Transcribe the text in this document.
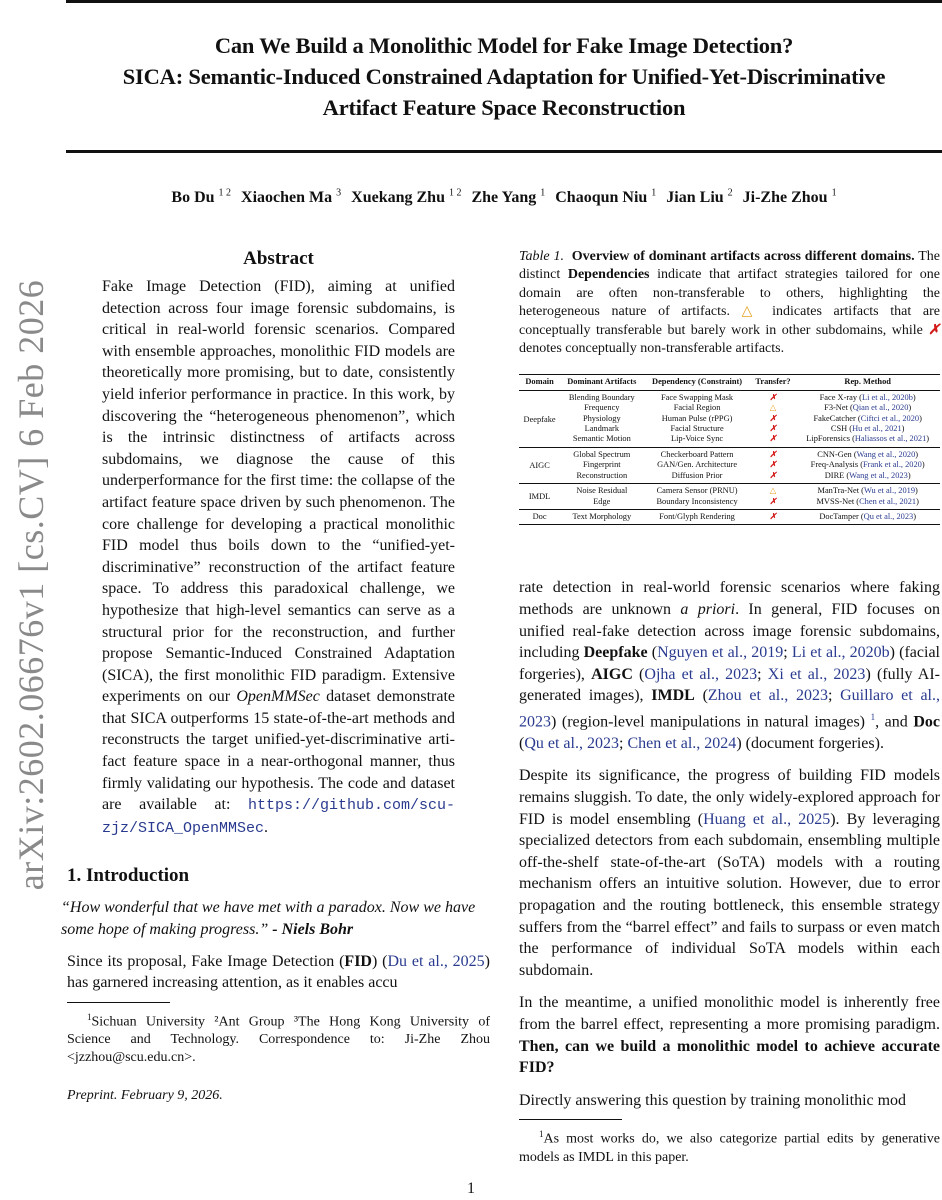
Can We Build a Monolithic Model for Fake Image Detection?
SICA: Semantic-Induced Constrained Adaptation for Unified-Yet-Discriminative
Artifact Feature Space Reconstruction
Bo Du $^{1 2}$ Xiaochen Ma $^3$ Xuekang Zhu $^{1 2}$ Zhe Yang $^1$ Chaoqun Niu $^1$ Jian Liu $^2$ Ji-Zhe Zhou $^1$
arXiv:2602.06676v1 [cs.CV] 6 Feb 2026
Abstract
Fake Image Detection (FID), aiming at unified detection across four image forensic subdomains, is critical in real-world forensic scenarios. Compared with ensemble approaches, monolithic FID models are theoretically more promising, but to date, consistently yield inferior performance in practice. In this work, by discovering the “heterogeneous phenomenon”, which is the intrinsic distinctness of artifacts across subdomains, we diagnose the cause of this underperformance for the first time: the collapse of the artifact feature space driven by such phenomenon. The core challenge for developing a practical monolithic FID model thus boils down to the “unified-yet-discriminative” reconstruction of the artifact feature space. To address this paradoxical challenge, we hypothesize that high-level semantics can serve as a structural prior for the reconstruction, and further propose Semantic-Induced Constrained Adaptation (SICA), the first monolithic FID paradigm. Extensive experiments on our OpenMMSec dataset demonstrate that SICA outperforms 15 state-of-the-art methods and reconstructs the target unified-yet-discriminative artifact feature space in a near-orthogonal manner, thus firmly validating our hypothesis. The code and dataset are available at: https://github.com/scu-zjz/SICA_OpenMMSec.
1. Introduction
“How wonderful that we have met with a paradox. Now we have some hope of making progress.” - Niels Bohr
Since its proposal, Fake Image Detection (FID) (Du et al., 2025) has garnered increasing attention, as it enables accu
$^1$Sichuan University ²Ant Group ³The Hong Kong University of Science and Technology. Correspondence to: Ji-Zhe Zhou <jzzhou@scu.edu.cn>.
Preprint. February 9, 2026.
Table 1. Overview of dominant artifacts across different domains. The distinct Dependencies indicate that artifact strategies tailored for one domain are often non-transferable to others, highlighting the heterogeneous nature of artifacts. △ indicates artifacts that are conceptually transferable but barely work in other subdomains, while ✗ denotes conceptually non-transferable artifacts.
Domain	Dominant Artifacts	Dependency (Constraint)	Transfer?	Rep. Method
Deepfake	Blending Boundary	Face Swapping Mask	✗	Face X-ray (Li et al., 2020b)
	Frequency	Facial Region	△	F3-Net (Qian et al., 2020)
	Physiology	Human Pulse (rPPG)	✗	FakeCatcher (Ciftci et al., 2020)
	Landmark	Facial Structure	✗	CSH (Hu et al., 2021)
	Semantic Motion	Lip-Voice Sync	✗	LipForensics (Haliassos et al., 2021)
AIGC	Global Spectrum	Checkerboard Pattern	✗	CNN-Gen (Wang et al., 2020)
	Fingerprint	GAN/Gen. Architecture	✗	Freq-Analysis (Frank et al., 2020)
	Reconstruction	Diffusion Prior	✗	DIRE (Wang et al., 2023)
IMDL	Noise Residual	Camera Sensor (PRNU)	△	ManTra-Net (Wu et al., 2019)
	Edge	Boundary Inconsistency	✗	MVSS-Net (Chen et al., 2021)
Doc	Text Morphology	Font/Glyph Rendering	✗	DocTamper (Qu et al., 2023)
rate detection in real-world forensic scenarios where faking methods are unknown a priori. In general, FID focuses on unified real-fake detection across image forensic subdomains, including Deepfake (Nguyen et al., 2019; Li et al., 2020b) (facial forgeries), AIGC (Ojha et al., 2023; Xi et al., 2023) (fully AI-generated images), IMDL (Zhou et al., 2023; Guillaro et al., 2023) (region-level manipulations in natural images) $^1$, and Doc (Qu et al., 2023; Chen et al., 2024) (document forgeries).
Despite its significance, the progress of building FID models remains sluggish. To date, the only widely-explored approach for FID is model ensembling (Huang et al., 2025). By leveraging specialized detectors from each subdomain, ensembling multiple off-the-shelf state-of-the-art (SoTA) models with a routing mechanism offers an intuitive solution. However, due to error propagation and the routing bottleneck, this ensemble strategy suffers from the “barrel effect” and fails to surpass or even match the performance of individual SoTA models within each subdomain.
In the meantime, a unified monolithic model is inherently free from the barrel effect, representing a more promising paradigm. Then, can we build a monolithic model to achieve accurate FID?
Directly answering this question by training monolithic mod
$^1$As most works do, we also categorize partial edits by generative models as IMDL in this paper.
1
